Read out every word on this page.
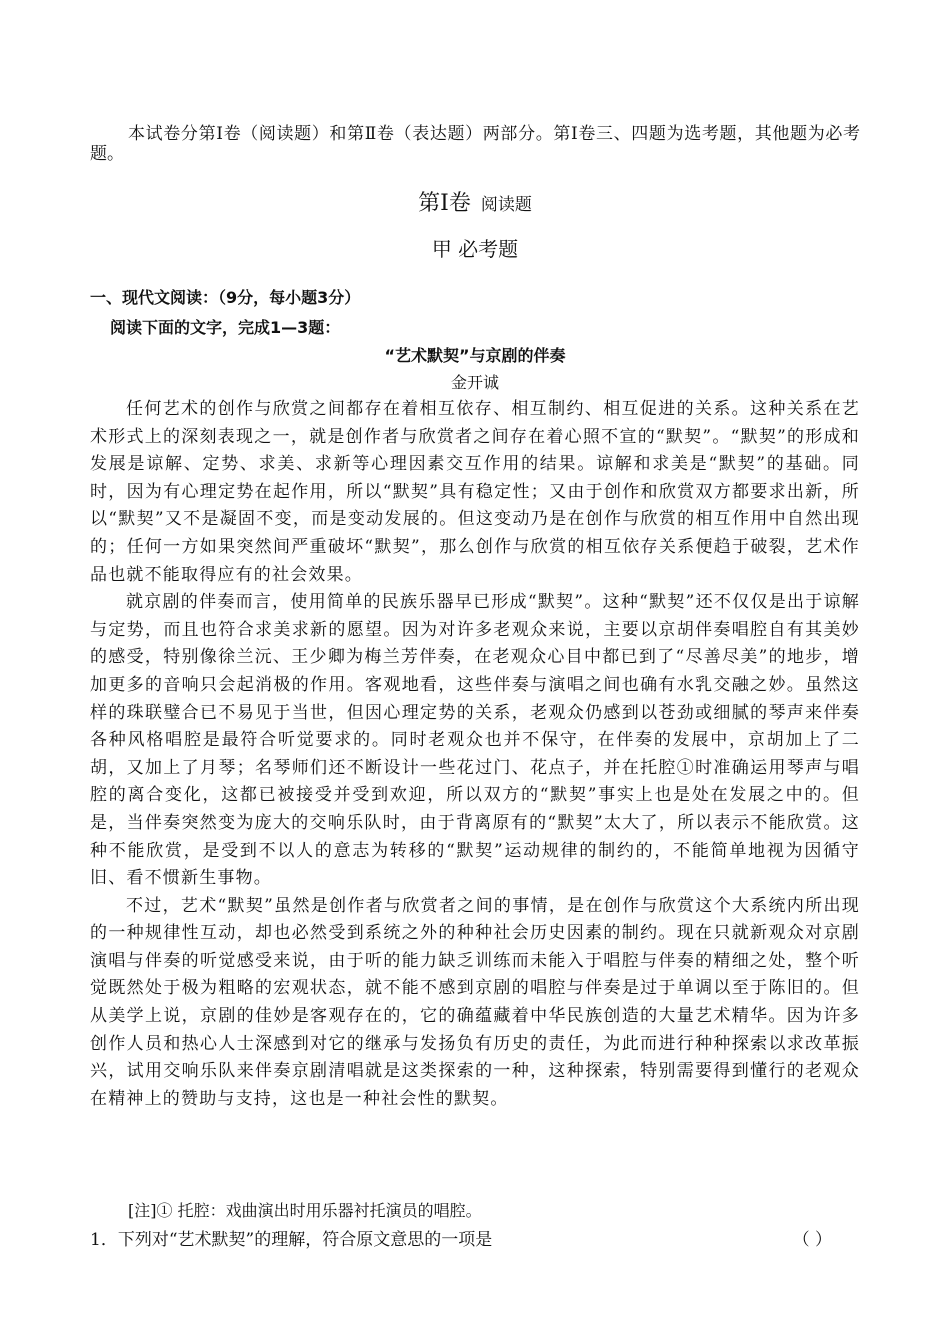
本试卷分第Ⅰ卷（阅读题）和第Ⅱ卷（表达题）两部分。第Ⅰ卷三、四题为选考题，其他题为必考题。
第Ⅰ卷 阅读题
甲 必考题
一、现代文阅读：（9分，每小题3分）
阅读下面的文字，完成1—3题：
“艺术默契”与京剧的伴奏
金开诚

任何艺术的创作与欣赏之间都存在着相互依存、相互制约、相互促进的关系。这种关系在艺术形式上的深刻表现之一，就是创作者与欣赏者之间存在着心照不宣的“默契”。“默契”的形成和发展是谅解、定势、求美、求新等心理因素交互作用的结果。谅解和求美是“默契”的基础。同时，因为有心理定势在起作用，所以“默契”具有稳定性；又由于创作和欣赏双方都要求出新，所以“默契”又不是凝固不变，而是变动发展的。但这变动乃是在创作与欣赏的相互作用中自然出现的；任何一方如果突然间严重破坏“默契”，那么创作与欣赏的相互依存关系便趋于破裂，艺术作品也就不能取得应有的社会效果。

就京剧的伴奏而言，使用简单的民族乐器早已形成“默契”。这种“默契”还不仅仅是出于谅解与定势，而且也符合求美求新的愿望。因为对许多老观众来说，主要以京胡伴奏唱腔自有其美妙的感受，特别像徐兰沅、王少卿为梅兰芳伴奏，在老观众心目中都已到了“尽善尽美”的地步，增加更多的音响只会起消极的作用。客观地看，这些伴奏与演唱之间也确有水乳交融之妙。虽然这样的珠联璧合已不易见于当世，但因心理定势的关系，老观众仍感到以苍劲或细腻的琴声来伴奏各种风格唱腔是最符合听觉要求的。同时老观众也并不保守，在伴奏的发展中，京胡加上了二胡，又加上了月琴；名琴师们还不断设计一些花过门、花点子，并在托腔①时准确运用琴声与唱腔的离合变化，这都已被接受并受到欢迎，所以双方的“默契”事实上也是处在发展之中的。但是，当伴奏突然变为庞大的交响乐队时，由于背离原有的“默契”太大了，所以表示不能欣赏。这种不能欣赏，是受到不以人的意志为转移的“默契”运动规律的制约的，不能简单地视为因循守旧、看不惯新生事物。

不过，艺术“默契”虽然是创作者与欣赏者之间的事情，是在创作与欣赏这个大系统内所出现的一种规律性互动，却也必然受到系统之外的种种社会历史因素的制约。现在只就新观众对京剧演唱与伴奏的听觉感受来说，由于听的能力缺乏训练而未能入于唱腔与伴奏的精细之处，整个听觉既然处于极为粗略的宏观状态，就不能不感到京剧的唱腔与伴奏是过于单调以至于陈旧的。但从美学上说，京剧的佳妙是客观存在的，它的确蕴藏着中华民族创造的大量艺术精华。因为许多创作人员和热心人士深感到对它的继承与发扬负有历史的责任，为此而进行种种探索以求改革振兴，试用交响乐队来伴奏京剧清唱就是这类探索的一种，这种探索，特别需要得到懂行的老观众在精神上的赞助与支持，这也是一种社会性的默契。

[注]① 托腔：戏曲演出时用乐器衬托演员的唱腔。
1．下列对“艺术默契”的理解，符合原文意思的一项是	（ ）
